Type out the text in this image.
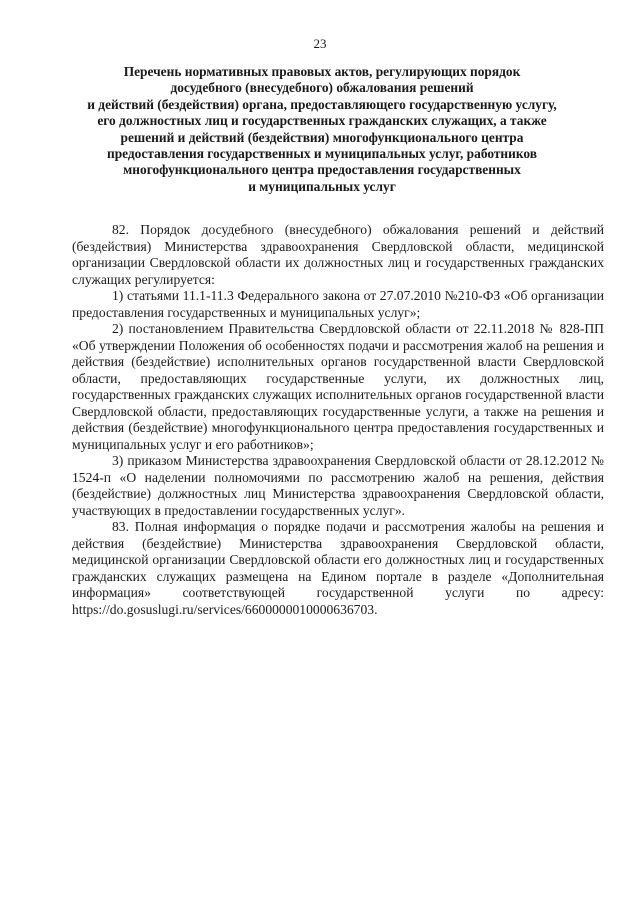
23
Перечень нормативных правовых актов, регулирующих порядок
досудебного (внесудебного) обжалования решений
и действий (бездействия) органа, предоставляющего государственную услугу,
его должностных лиц и государственных гражданских служащих, а также
решений и действий (бездействия) многофункционального центра
предоставления государственных и муниципальных услуг, работников
многофункционального центра предоставления государственных
и муниципальных услуг

82. Порядок досудебного (внесудебного) обжалования решений и действий (бездействия) Министерства здравоохранения Свердловской области, медицинской организации Свердловской области их должностных лиц и государственных гражданских служащих регулируется:

1) статьями 11.1-11.3 Федерального закона от 27.07.2010 №210-ФЗ «Об организации предоставления государственных и муниципальных услуг»;

2) постановлением Правительства Свердловской области от 22.11.2018 № 828-ПП «Об утверждении Положения об особенностях подачи и рассмотрения жалоб на решения и действия (бездействие) исполнительных органов государственной власти Свердловской области, предоставляющих государственные услуги, их должностных лиц, государственных гражданских служащих исполнительных органов государственной власти Свердловской области, предоставляющих государственные услуги, а также на решения и действия (бездействие) многофункционального центра предоставления государственных и муниципальных услуг и его работников»;

3) приказом Министерства здравоохранения Свердловской области от 28.12.2012 № 1524-п «О наделении полномочиями по рассмотрению жалоб на решения, действия (бездействие) должностных лиц Министерства здравоохранения Свердловской области, участвующих в предоставлении государственных услуг».

83. Полная информация о порядке подачи и рассмотрения жалобы на решения и действия (бездействие) Министерства здравоохранения Свердловской области, медицинской организации Свердловской области его должностных лиц и государственных гражданских служащих размещена на Едином портале в разделе «Дополнительная информация» соответствующей государственной услуги по адресу: https://do.gosuslugi.ru/services/6600000010000636703.
